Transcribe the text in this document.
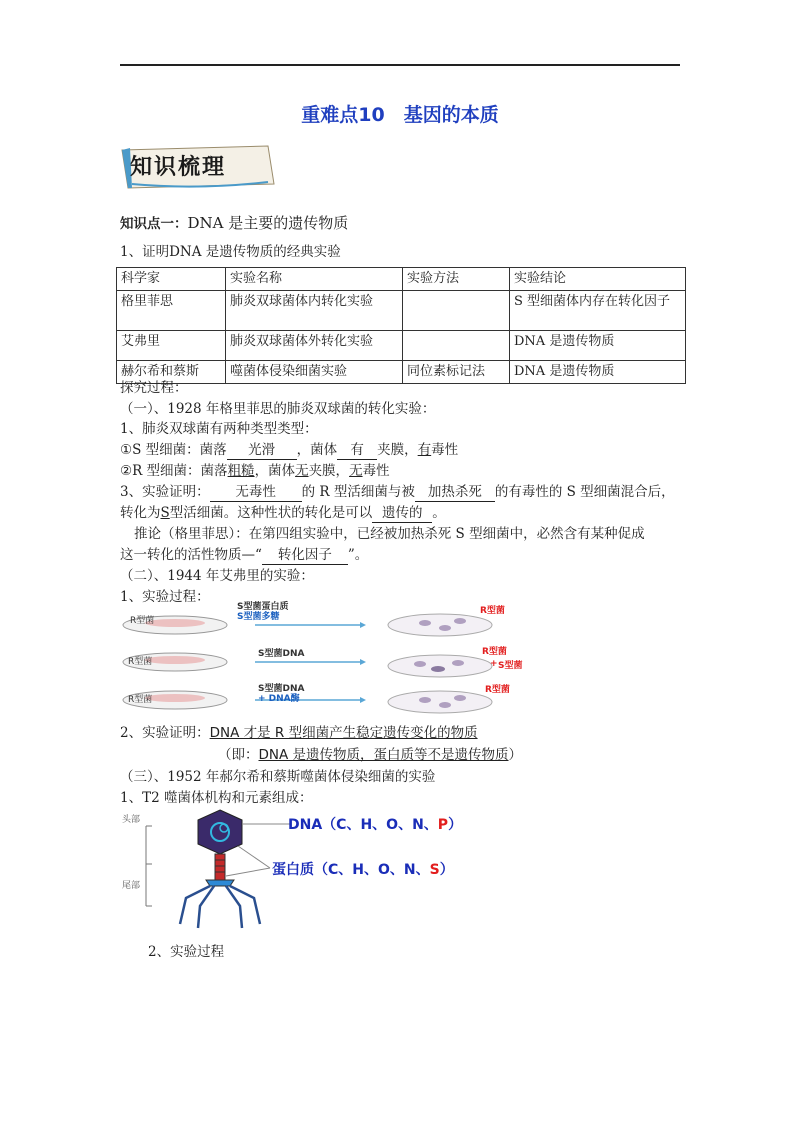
重难点10　基因的本质
知识梳理
知识点一：DNA 是主要的遗传物质
1、证明DNA 是遗传物质的经典实验
科学家	实验名称	实验方法	实验结论
格里菲思	肺炎双球菌体内转化实验		S 型细菌体内存在转化因子
艾弗里	肺炎双球菌体外转化实验		DNA 是遗传物质
赫尔希和蔡斯	噬菌体侵染细菌实验	同位素标记法	DNA 是遗传物质
探究过程：
（一）、1928 年格里菲思的肺炎双球菌的转化实验：
1、肺炎双球菌有两种类型类型：
①S 型细菌：菌落 光滑 ，菌体 有 夹膜，有毒性
②R 型细菌：菌落粗糙，菌体无夹膜，无毒性
3、实验证明： 无毒性 的 R 型活细菌与被 加热杀死 的有毒性的 S 型细菌混合后，
转化为S型活细菌。这种性状的转化是可以 遗传的 。
推论（格里菲思）：在第四组实验中，已经被加热杀死 S 型细菌中，必然含有某种促成
这一转化的活性物质—“ 转化因子 ”。
（二）、1944 年艾弗里的实验：
1、实验过程：
R型菌
R型菌
R型菌
S型菌蛋白质
S型菌多糖
S型菌DNA
S型菌DNA
+ DNA酶
R型菌
R型菌
+ S型菌
R型菌
2、实验证明：DNA 才是 R 型细菌产生稳定遗传变化的物质
（即：DNA 是遗传物质，蛋白质等不是遗传物质）
（三）、1952 年郝尔希和蔡斯噬菌体侵染细菌的实验
1、T2 噬菌体机构和元素组成：
头部
尾部
DNA（C、H、O、N、P）
蛋白质（C、H、O、N、S）
2、实验过程
